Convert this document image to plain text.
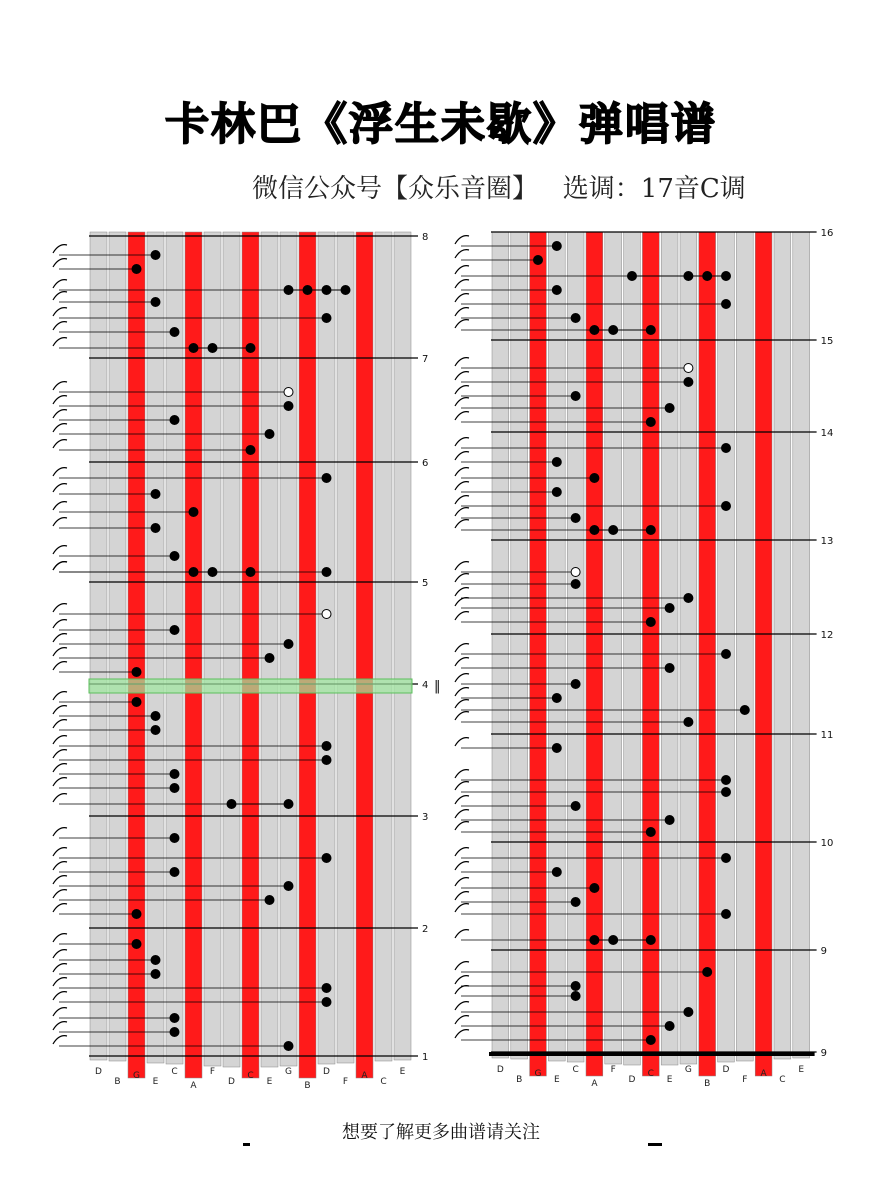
卡林巴《浮生未歇》弹唱谱
微信公众号【众乐音圈】   选调：17音C调
D
B
G
E
C
A
F
D
C
E
G
B
D
F
A
C
E
8
7
6
5
4
3
2
1
‖
D
B
G
E
C
A
F
D
C
E
G
B
D
F
A
C
E
16
15
14
13
12
11
10
9
9
想要了解更多曲谱请关注
